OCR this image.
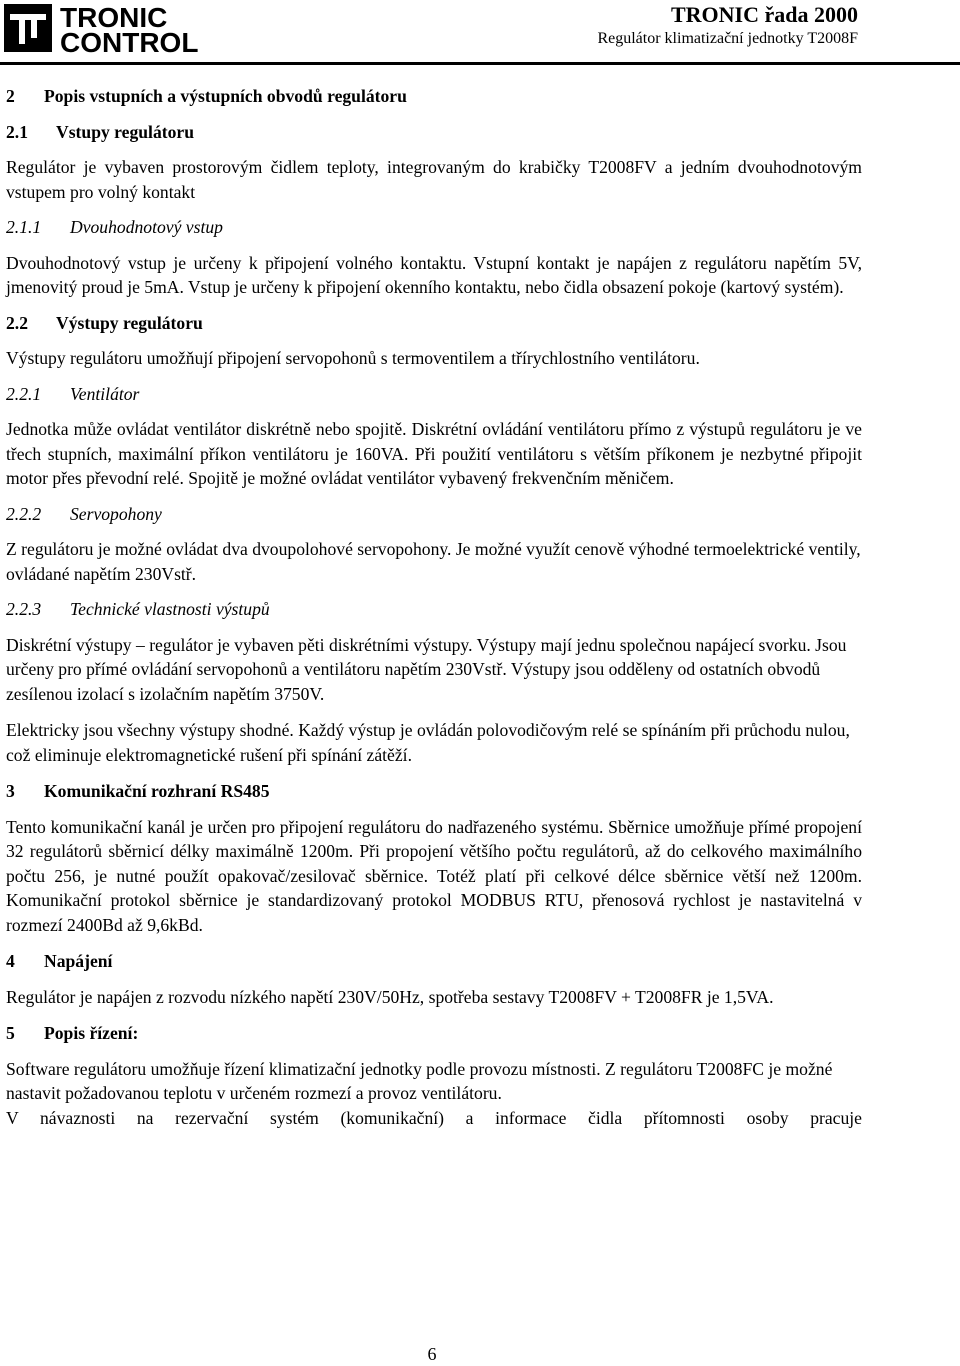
TRONIC
CONTROL
TRONIC řada 2000
Regulátor klimatizační jednotky T2008F
2	Popis vstupních a výstupních obvodů regulátoru
2.1	Vstupy regulátoru

Regulátor je vybaven prostorovým čidlem teploty, integrovaným do krabičky T2008FV a jedním dvouhodnotovým vstupem pro volný kontakt

2.1.1	Dvouhodnotový vstup

Dvouhodnotový vstup je určeny k připojení volného kontaktu. Vstupní kontakt je napájen z regulátoru napětím 5V, jmenovitý proud je 5mA. Vstup je určeny k připojení okenního kontaktu, nebo čidla obsazení pokoje (kartový systém).

2.2	Výstupy regulátoru

Výstupy regulátoru umožňují připojení servopohonů s termoventilem a třírychlostního ventilátoru.

2.2.1	Ventilátor

Jednotka může ovládat ventilátor diskrétně nebo spojitě. Diskrétní ovládání ventilátoru přímo z výstupů regulátoru je ve třech stupních, maximální příkon ventilátoru je 160VA. Při použití ventilátoru s větším příkonem je nezbytné připojit motor přes převodní relé. Spojitě je možné ovládat ventilátor vybavený frekvenčním měničem.

2.2.2	Servopohony

Z regulátoru je možné ovládat dva dvoupolohové servopohony. Je možné využít cenově výhodné termoelektrické ventily, ovládané napětím 230Vstř.

2.2.3	Technické vlastnosti výstupů

Diskrétní výstupy – regulátor je vybaven pěti diskrétními výstupy. Výstupy mají jednu společnou napájecí svorku. Jsou určeny pro přímé ovládání servopohonů a ventilátoru napětím 230Vstř. Výstupy jsou odděleny od ostatních obvodů zesílenou izolací s izolačním napětím 3750V.

Elektricky jsou všechny výstupy shodné. Každý výstup je ovládán polovodičovým relé se spínáním při průchodu nulou, což eliminuje elektromagnetické rušení při spínání zátěží.

3	Komunikační rozhraní RS485

Tento komunikační kanál je určen pro připojení regulátoru do nadřazeného systému. Sběrnice umožňuje přímé propojení 32 regulátorů sběrnicí délky maximálně 1200m. Při propojení většího počtu regulátorů, až do celkového maximálního počtu 256, je nutné použít opakovač/zesilovač sběrnice. Totéž platí při celkové délce sběrnice větší než 1200m. Komunikační protokol sběrnice je standardizovaný protokol MODBUS RTU, přenosová rychlost je nastavitelná v rozmezí 2400Bd až 9,6kBd.

4	Napájení

Regulátor je napájen z rozvodu nízkého napětí 230V/50Hz, spotřeba sestavy T2008FV + T2008FR je 1,5VA.

5	Popis řízení:

Software regulátoru umožňuje řízení klimatizační jednotky podle provozu místnosti. Z regulátoru T2008FC je možné nastavit požadovanou teplotu v určeném rozmezí a provoz ventilátoru.

V návaznosti na rezervační systém (komunikační) a informace čidla přítomnosti osoby pracuje

6
